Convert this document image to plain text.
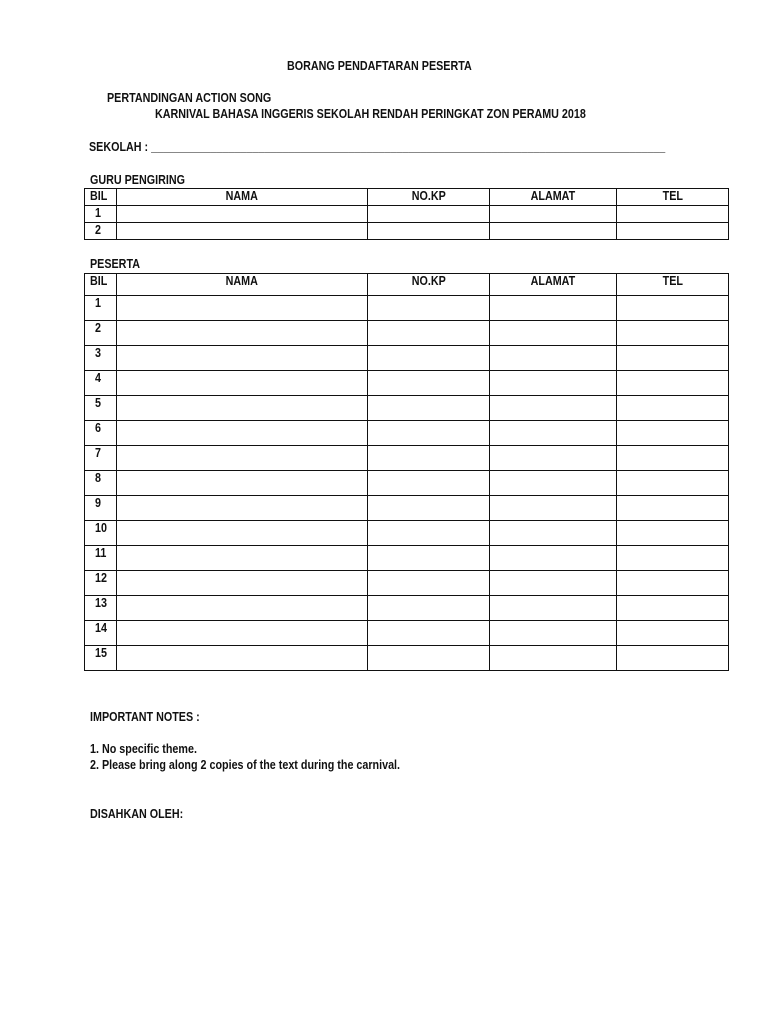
BORANG PENDAFTARAN PESERTA
PERTANDINGAN ACTION SONG
KARNIVAL BAHASA INGGERIS SEKOLAH RENDAH PERINGKAT ZON PERAMU 2018
SEKOLAH : ______________________________________________________________________________________
GURU PENGIRING
BIL	NAMA	NO.KP	ALAMAT	TEL
1				
2				
PESERTA
BIL	NAMA	NO.KP	ALAMAT	TEL
1				
2				
3				
4				
5				
6				
7				
8				
9				
10				
11				
12				
13				
14				
15				
IMPORTANT NOTES :
1. No specific theme.
2. Please bring along 2 copies of the text during the carnival.
DISAHKAN OLEH:
